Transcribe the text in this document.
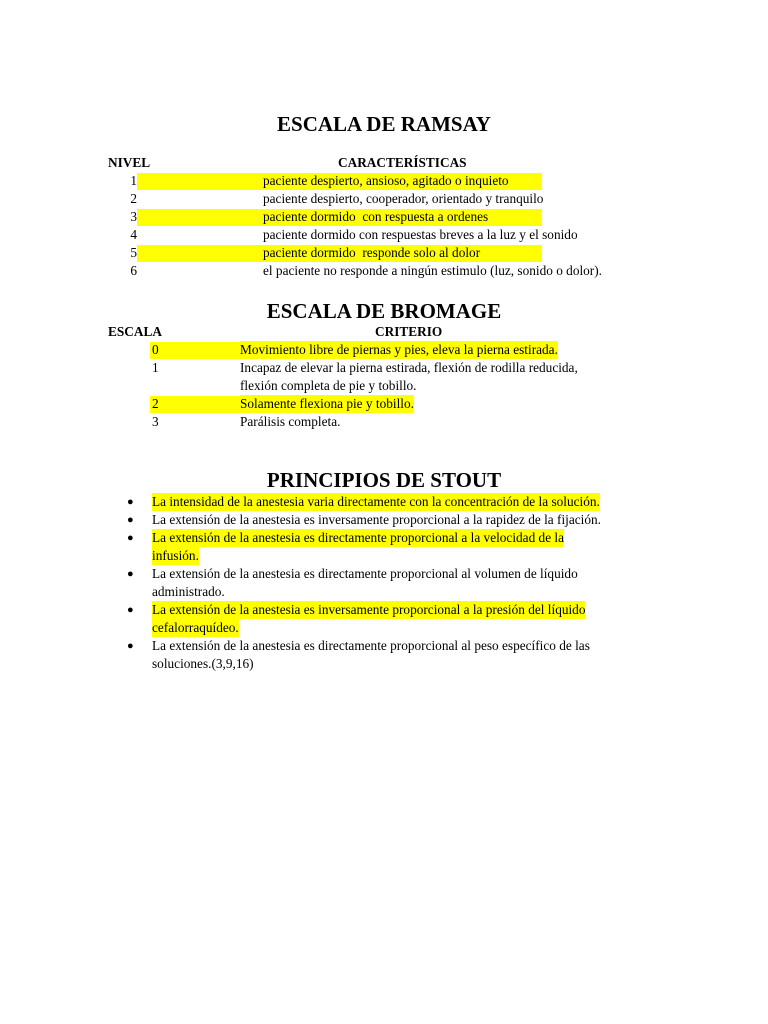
ESCALA DE RAMSAY
NIVEL	CARACTERÍSTICAS
1	paciente despierto, ansioso, agitado o inquieto
2	paciente despierto, cooperador, orientado y tranquilo
3	paciente dormido  con respuesta a ordenes
4	paciente dormido con respuestas breves a la luz y el sonido
5	paciente dormido  responde solo al dolor
6	el paciente no responde a ningún estimulo (luz, sonido o dolor).
ESCALA DE BROMAGE
ESCALA	CRITERIO
0	Movimiento libre de piernas y pies, eleva la pierna estirada.
1	Incapaz de elevar la pierna estirada, flexión de rodilla reducida,
flexión completa de pie y tobillo.
2	Solamente flexiona pie y tobillo.
3	Parálisis completa.
PRINCIPIOS DE STOUT
● La intensidad de la anestesia varia directamente con la concentración de la solución.
● La extensión de la anestesia es inversamente proporcional a la rapidez de la fijación.
● La extensión de la anestesia es directamente proporcional a la velocidad de la
infusión.
● La extensión de la anestesia es directamente proporcional al volumen de líquido
administrado.
● La extensión de la anestesia es inversamente proporcional a la presión del líquido
cefalorraquídeo.
● La extensión de la anestesia es directamente proporcional al peso específico de las
soluciones.(3,9,16)
